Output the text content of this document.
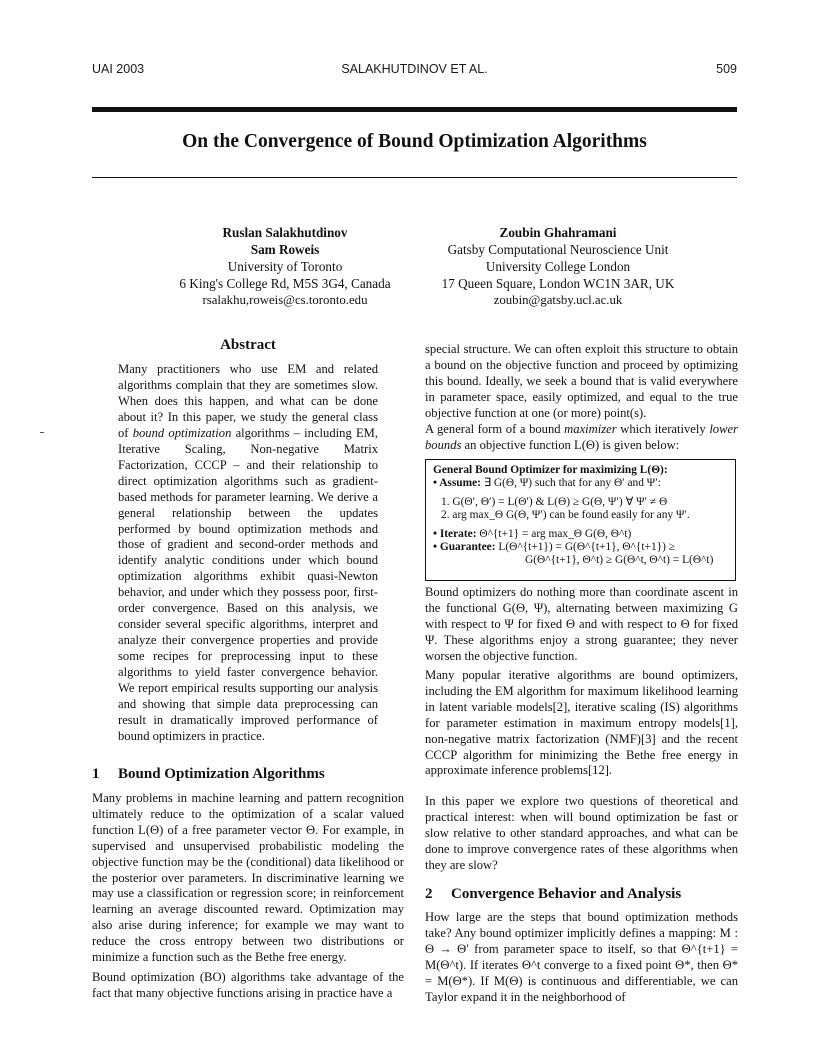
UAI 2003	SALAKHUTDINOV ET AL.	509
On the Convergence of Bound Optimization Algorithms
Ruslan Salakhutdinov
Sam Roweis
University of Toronto
6 King's College Rd, M5S 3G4, Canada
rsalakhu,roweis@cs.toronto.edu
Zoubin Ghahramani
Gatsby Computational Neuroscience Unit
University College London
17 Queen Square, London WC1N 3AR, UK
zoubin@gatsby.ucl.ac.uk
Abstract
Many practitioners who use EM and related algorithms complain that they are sometimes slow. When does this happen, and what can be done about it? In this paper, we study the general class of bound optimization algorithms – including EM, Iterative Scaling, Non-negative Matrix Factorization, CCCP – and their relationship to direct optimization algorithms such as gradient-based methods for parameter learning. We derive a general relationship between the updates performed by bound optimization methods and those of gradient and second-order methods and identify analytic conditions under which bound optimization algorithms exhibit quasi-Newton behavior, and under which they possess poor, first-order convergence. Based on this analysis, we consider several specific algorithms, interpret and analyze their convergence properties and provide some recipes for preprocessing input to these algorithms to yield faster convergence behavior. We report empirical results supporting our analysis and showing that simple data preprocessing can result in dramatically improved performance of bound optimizers in practice.
1 Bound Optimization Algorithms

Many problems in machine learning and pattern recognition ultimately reduce to the optimization of a scalar valued function L(Θ) of a free parameter vector Θ. For example, in supervised and unsupervised probabilistic modeling the objective function may be the (conditional) data likelihood or the posterior over parameters. In discriminative learning we may use a classification or regression score; in reinforcement learning an average discounted reward. Optimization may also arise during inference; for example we may want to reduce the cross entropy between two distributions or minimize a function such as the Bethe free energy.

Bound optimization (BO) algorithms take advantage of the fact that many objective functions arising in practice have a

special structure. We can often exploit this structure to obtain a bound on the objective function and proceed by optimizing this bound. Ideally, we seek a bound that is valid everywhere in parameter space, easily optimized, and equal to the true objective function at one (or more) point(s).

A general form of a bound maximizer which iteratively lower bounds an objective function L(Θ) is given below:

General Bound Optimizer for maximizing L(Θ):
• Assume: ∃ G(Θ, Ψ) such that for any Θ′ and Ψ′:
1. G(Θ′, Θ′) = L(Θ′) & L(Θ) ≥ G(Θ, Ψ′) ∀ Ψ′ ≠ Θ
2. arg max_Θ G(Θ, Ψ′) can be found easily for any Ψ′.
• Iterate: Θ^{t+1} = arg max_Θ G(Θ, Θ^t)
• Guarantee: L(Θ^{t+1}) = G(Θ^{t+1}, Θ^{t+1}) ≥
G(Θ^{t+1}, Θ^t) ≥ G(Θ^t, Θ^t) = L(Θ^t)

Bound optimizers do nothing more than coordinate ascent in the functional G(Θ, Ψ), alternating between maximizing G with respect to Ψ for fixed Θ and with respect to Θ for fixed Ψ. These algorithms enjoy a strong guarantee; they never worsen the objective function.

Many popular iterative algorithms are bound optimizers, including the EM algorithm for maximum likelihood learning in latent variable models[2], iterative scaling (IS) algorithms for parameter estimation in maximum entropy models[1], non-negative matrix factorization (NMF)[3] and the recent CCCP algorithm for minimizing the Bethe free energy in approximate inference problems[12].

In this paper we explore two questions of theoretical and practical interest: when will bound optimization be fast or slow relative to other standard approaches, and what can be done to improve convergence rates of these algorithms when they are slow?

2 Convergence Behavior and Analysis

How large are the steps that bound optimization methods take? Any bound optimizer implicitly defines a mapping: M : Θ → Θ′ from parameter space to itself, so that Θ^{t+1} = M(Θ^t). If iterates Θ^t converge to a fixed point Θ*, then Θ* = M(Θ*). If M(Θ) is continuous and differentiable, we can Taylor expand it in the neighborhood of
